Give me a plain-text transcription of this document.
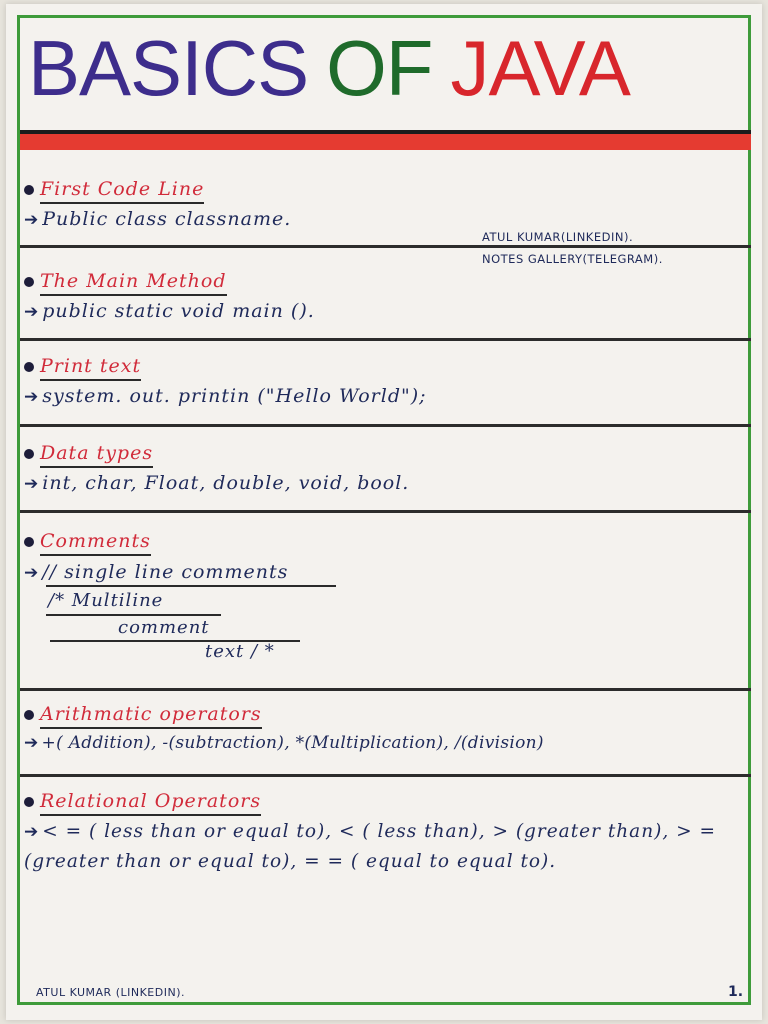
BASICS OF JAVA
First Code Line
➔ Public class classname.
ATUL KUMAR(LINKEDIN).
NOTES GALLERY(TELEGRAM).
The Main Method
➔ public static void main ().
Print text
➔ system. out. printin ("Hello World");
Data types
➔ int, char, Float, double, void, bool.
Comments
➔ // single line comments
/* Multiline
comment
text / *
Arithmatic operators
➔ +( Addition), -(subtraction), *(Multiplication), /(division)
Relational Operators
➔ < = ( less than or equal to), < ( less than), > (greater than), > = (greater than or equal to), = = ( equal to equal to).
ATUL KUMAR (LINKEDIN).	1.
